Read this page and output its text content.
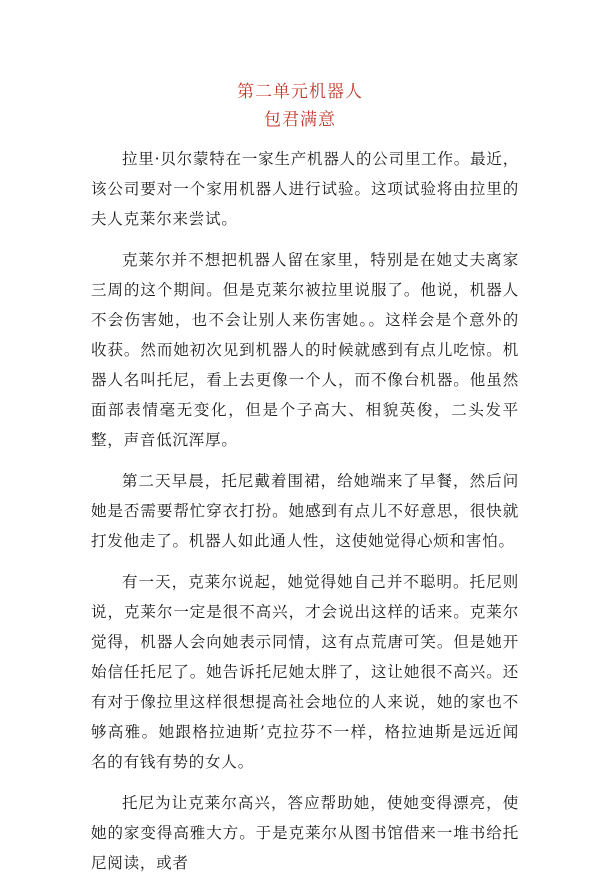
第二单元机器人
包君满意

拉里·贝尔蒙特在一家生产机器人的公司里工作。最近，该公司要对一个家用机器人进行试验。这项试验将由拉里的夫人克莱尔来尝试。

克莱尔并不想把机器人留在家里，特别是在她丈夫离家三周的这个期间。但是克莱尔被拉里说服了。他说，机器人不会伤害她，也不会让别人来伤害她。。这样会是个意外的收获。然而她初次见到机器人的时候就感到有点儿吃惊。机器人名叫托尼，看上去更像一个人，而不像台机器。他虽然面部表情毫无变化，但是个子高大、相貌英俊，二头发平整，声音低沉浑厚。

第二天早晨，托尼戴着围裙，给她端来了早餐，然后问她是否需要帮忙穿衣打扮。她感到有点儿不好意思，很快就打发他走了。机器人如此通人性，这使她觉得心烦和害怕。

有一天，克莱尔说起，她觉得她自己并不聪明。托尼则说，克莱尔一定是很不高兴，才会说出这样的话来。克莱尔觉得，机器人会向她表示同情，这有点荒唐可笑。但是她开始信任托尼了。她告诉托尼她太胖了，这让她很不高兴。还有对于像拉里这样很想提高社会地位的人来说，她的家也不够高雅。她跟格拉迪斯’克拉芬不一样，格拉迪斯是远近闻名的有钱有势的女人。

托尼为让克莱尔高兴，答应帮助她，使她变得漂亮，使她的家变得高雅大方。于是克莱尔从图书馆借来一堆书给托尼阅读，或者
